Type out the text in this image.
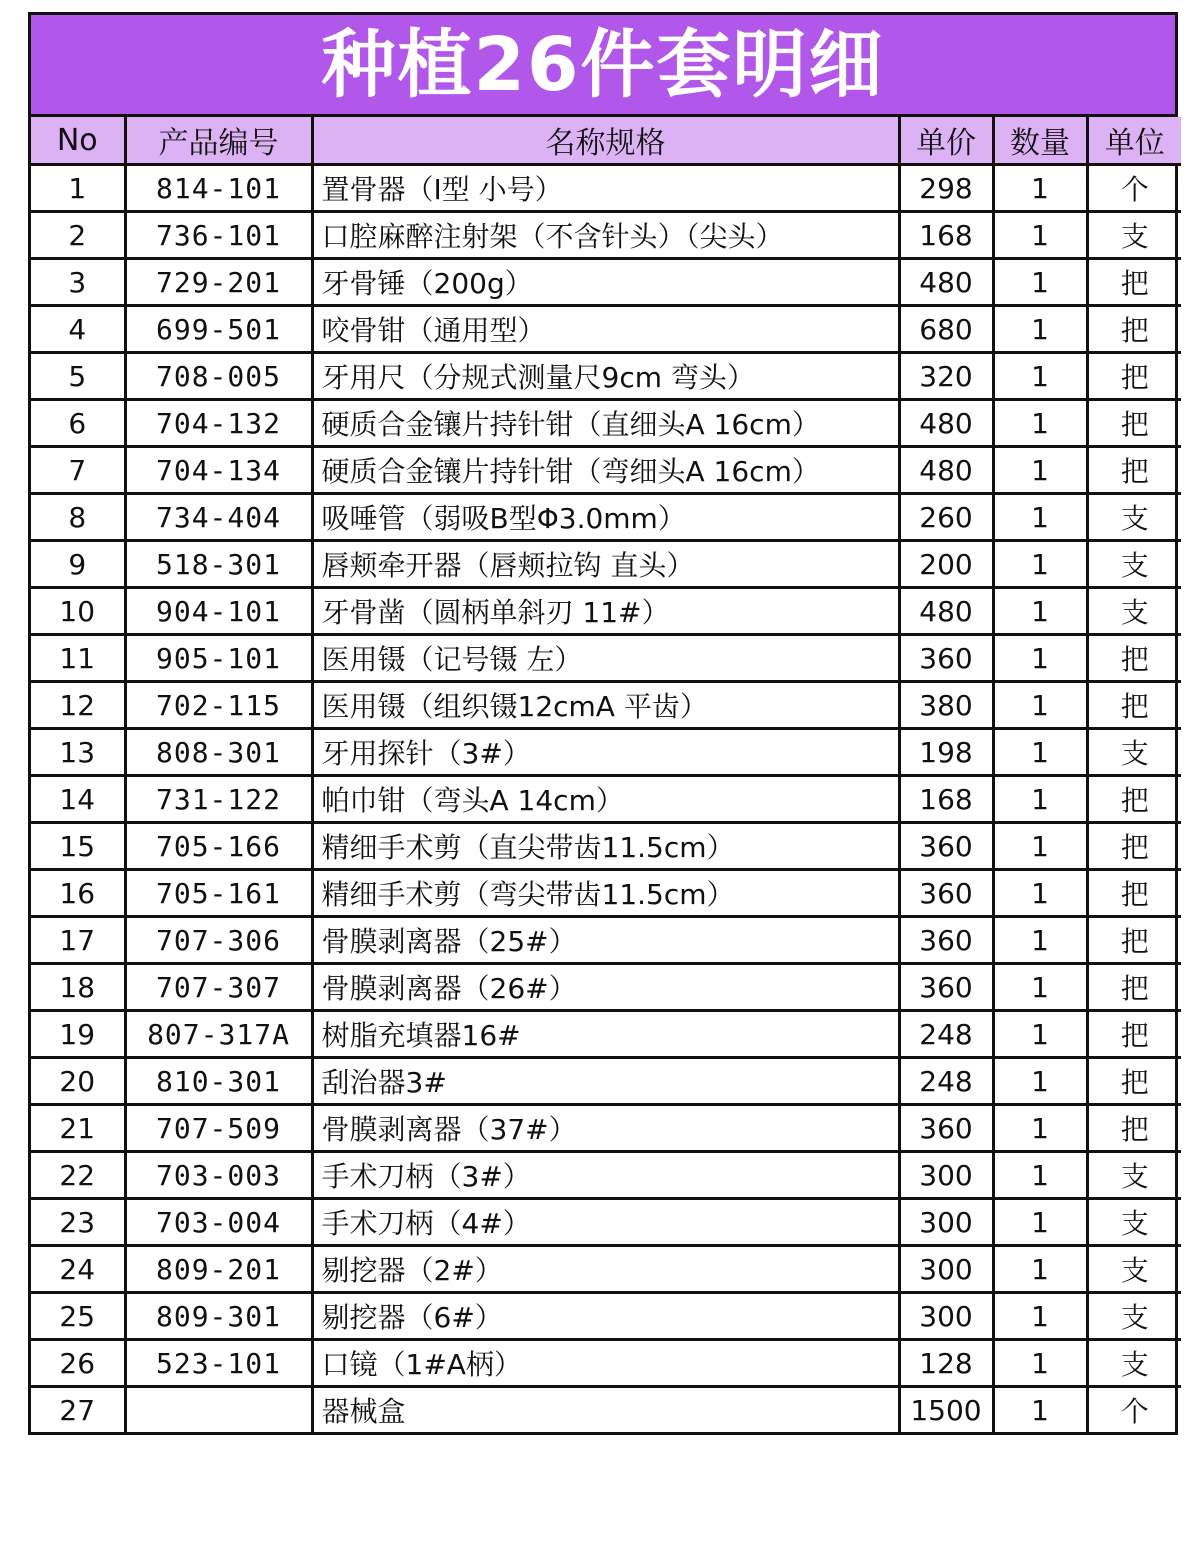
种植26件套明细
No	产品编号	名称规格	单价	数量	单位
1	814-101	置骨器（Ⅰ型 小号）	298	1	个
2	736-101	口腔麻醉注射架（不含针头）（尖头）	168	1	支
3	729-201	牙骨锤（200g）	480	1	把
4	699-501	咬骨钳（通用型）	680	1	把
5	708-005	牙用尺（分规式测量尺9cm 弯头）	320	1	把
6	704-132	硬质合金镶片持针钳（直细头A 16cm）	480	1	把
7	704-134	硬质合金镶片持针钳（弯细头A 16cm）	480	1	把
8	734-404	吸唾管（弱吸B型Φ3.0mm）	260	1	支
9	518-301	唇颊牵开器（唇颊拉钩 直头）	200	1	支
10	904-101	牙骨凿（圆柄单斜刃 11#）	480	1	支
11	905-101	医用镊（记号镊 左）	360	1	把
12	702-115	医用镊（组织镊12cmA 平齿）	380	1	把
13	808-301	牙用探针（3#）	198	1	支
14	731-122	帕巾钳（弯头A 14cm）	168	1	把
15	705-166	精细手术剪（直尖带齿11.5cm）	360	1	把
16	705-161	精细手术剪（弯尖带齿11.5cm）	360	1	把
17	707-306	骨膜剥离器（25#）	360	1	把
18	707-307	骨膜剥离器（26#）	360	1	把
19	807-317A	树脂充填器16#	248	1	把
20	810-301	刮治器3#	248	1	把
21	707-509	骨膜剥离器（37#）	360	1	把
22	703-003	手术刀柄（3#）	300	1	支
23	703-004	手术刀柄（4#）	300	1	支
24	809-201	剔挖器（2#）	300	1	支
25	809-301	剔挖器（6#）	300	1	支
26	523-101	口镜（1#A柄）	128	1	支
27		器械盒	1500	1	个
